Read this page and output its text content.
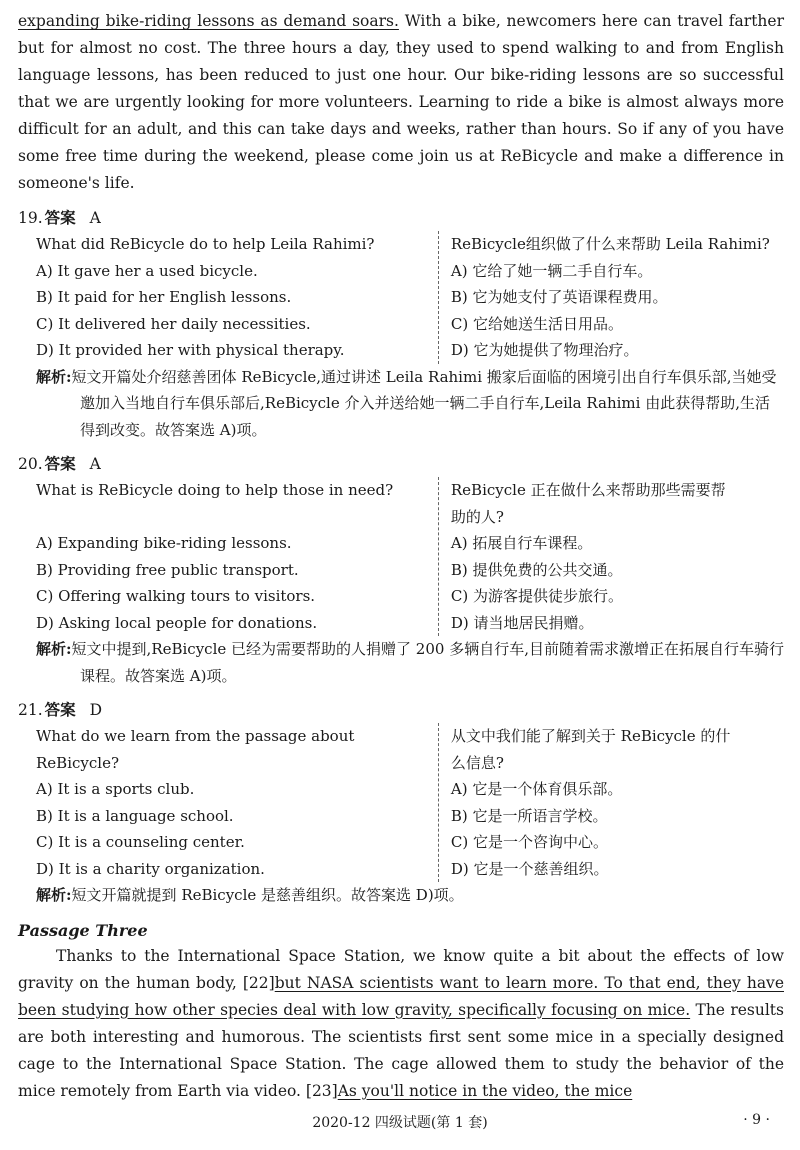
expanding bike-riding lessons as demand soars. With a bike, newcomers here can travel farther but for almost no cost. The three hours a day, they used to spend walking to and from English language lessons, has been reduced to just one hour. Our bike-riding lessons are so successful that we are urgently looking for more volunteers. Learning to ride a bike is almost always more difficult for an adult, and this can take days and weeks, rather than hours. So if any of you have some free time during the weekend, please come join us at ReBicycle and make a difference in someone's life.

19. 答案 A
What did ReBicycle do to help Leila Rahimi?
A) It gave her a used bicycle.
B) It paid for her English lessons.
C) It delivered her daily necessities.
D) It provided her with physical therapy.
ReBicycle组织做了什么来帮助 Leila Rahimi?
A) 它给了她一辆二手自行车。
B) 它为她支付了英语课程费用。
C) 它给她送生活日用品。
D) 它为她提供了物理治疗。
解析:短文开篇处介绍慈善团体 ReBicycle,通过讲述 Leila Rahimi 搬家后面临的困境引出自行车俱乐部,当她受邀加入当地自行车俱乐部后,ReBicycle 介入并送给她一辆二手自行车,Leila Rahimi 由此获得帮助,生活得到改变。故答案选 A)项。
20. 答案 A
What is ReBicycle doing to help those in need?

A) Expanding bike-riding lessons.
B) Providing free public transport.
C) Offering walking tours to visitors.
D) Asking local people for donations.
ReBicycle 正在做什么来帮助那些需要帮
助的人?
A) 拓展自行车课程。
B) 提供免费的公共交通。
C) 为游客提供徒步旅行。
D) 请当地居民捐赠。
解析:短文中提到,ReBicycle 已经为需要帮助的人捐赠了 200 多辆自行车,目前随着需求激增正在拓展自行车骑行课程。故答案选 A)项。
21. 答案 D
What do we learn from the passage about
ReBicycle?
A) It is a sports club.
B) It is a language school.
C) It is a counseling center.
D) It is a charity organization.
从文中我们能了解到关于 ReBicycle 的什
么信息?
A) 它是一个体育俱乐部。
B) 它是一所语言学校。
C) 它是一个咨询中心。
D) 它是一个慈善组织。
解析:短文开篇就提到 ReBicycle 是慈善组织。故答案选 D)项。
Passage Three

Thanks to the International Space Station, we know quite a bit about the effects of low gravity on the human body, [22]but NASA scientists want to learn more. To that end, they have been studying how other species deal with low gravity, specifically focusing on mice. The results are both interesting and humorous. The scientists first sent some mice in a specially designed cage to the International Space Station. The cage allowed them to study the behavior of the mice remotely from Earth via video. [23]As you'll notice in the video, the mice

2020-12 四级试题(第 1 套)	· 9 ·
